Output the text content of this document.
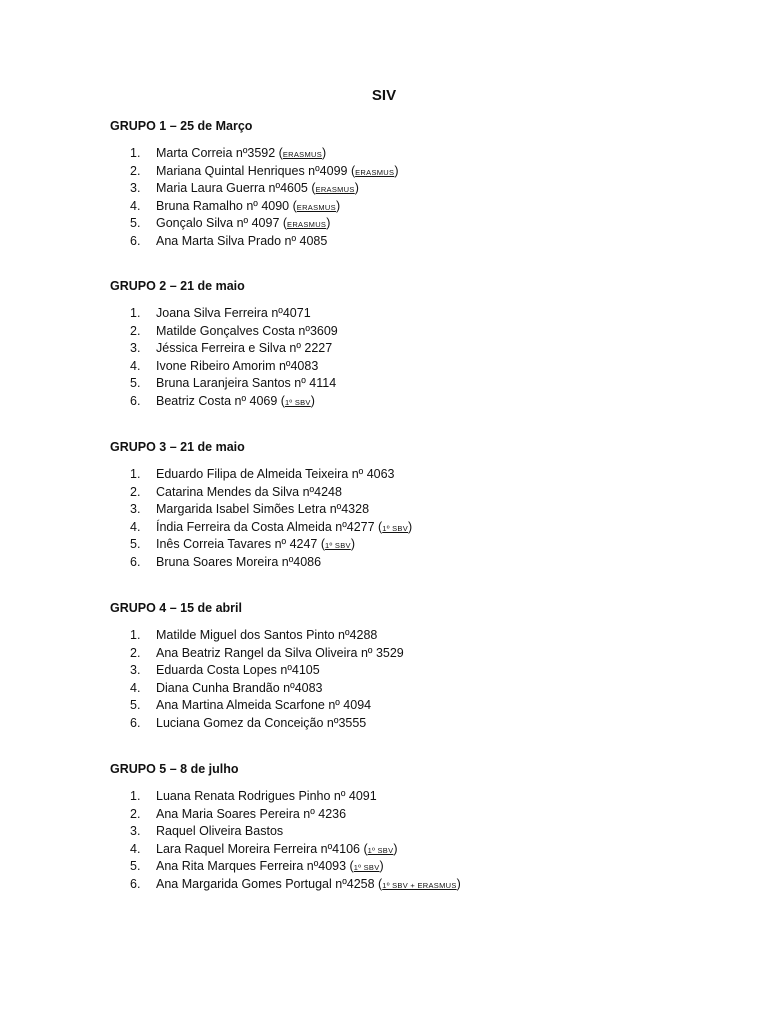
SIV
GRUPO 1 – 25 de Março
1.	Marta Correia nº3592 (ERASMUS)
2.	Mariana Quintal Henriques nº4099 (ERASMUS)
3.	Maria Laura Guerra nº4605 (ERASMUS)
4.	Bruna Ramalho nº 4090 (ERASMUS)
5.	Gonçalo Silva nº 4097 (ERASMUS)
6.	Ana Marta Silva Prado nº 4085
GRUPO 2 – 21 de maio
1.	Joana Silva Ferreira nº4071
2.	Matilde Gonçalves Costa nº3609
3.	Jéssica Ferreira e Silva nº 2227
4.	Ivone Ribeiro Amorim nº4083
5.	Bruna Laranjeira Santos nº 4114
6.	Beatriz Costa nº 4069 (1º SBV)
GRUPO 3 – 21 de maio
1.	Eduardo Filipa de Almeida Teixeira nº 4063
2.	Catarina Mendes da Silva nº4248
3.	Margarida Isabel Simões Letra nº4328
4.	Índia Ferreira da Costa Almeida nº4277 (1º SBV)
5.	Inês Correia Tavares nº 4247 (1º SBV)
6.	Bruna Soares Moreira nº4086
GRUPO 4 – 15 de abril
1.	Matilde Miguel dos Santos Pinto nº4288
2.	Ana Beatriz Rangel da Silva Oliveira nº 3529
3.	Eduarda Costa Lopes nº4105
4.	Diana Cunha Brandão nº4083
5.	Ana Martina Almeida Scarfone nº 4094
6.	Luciana Gomez da Conceição nº3555
GRUPO 5 – 8 de julho
1.	Luana Renata Rodrigues Pinho nº 4091
2.	Ana Maria Soares Pereira nº 4236
3.	Raquel Oliveira Bastos
4.	Lara Raquel Moreira Ferreira nº4106 (1º SBV)
5.	Ana Rita Marques Ferreira nº4093 (1º SBV)
6.	Ana Margarida Gomes Portugal nº4258 (1º SBV + ERASMUS)
